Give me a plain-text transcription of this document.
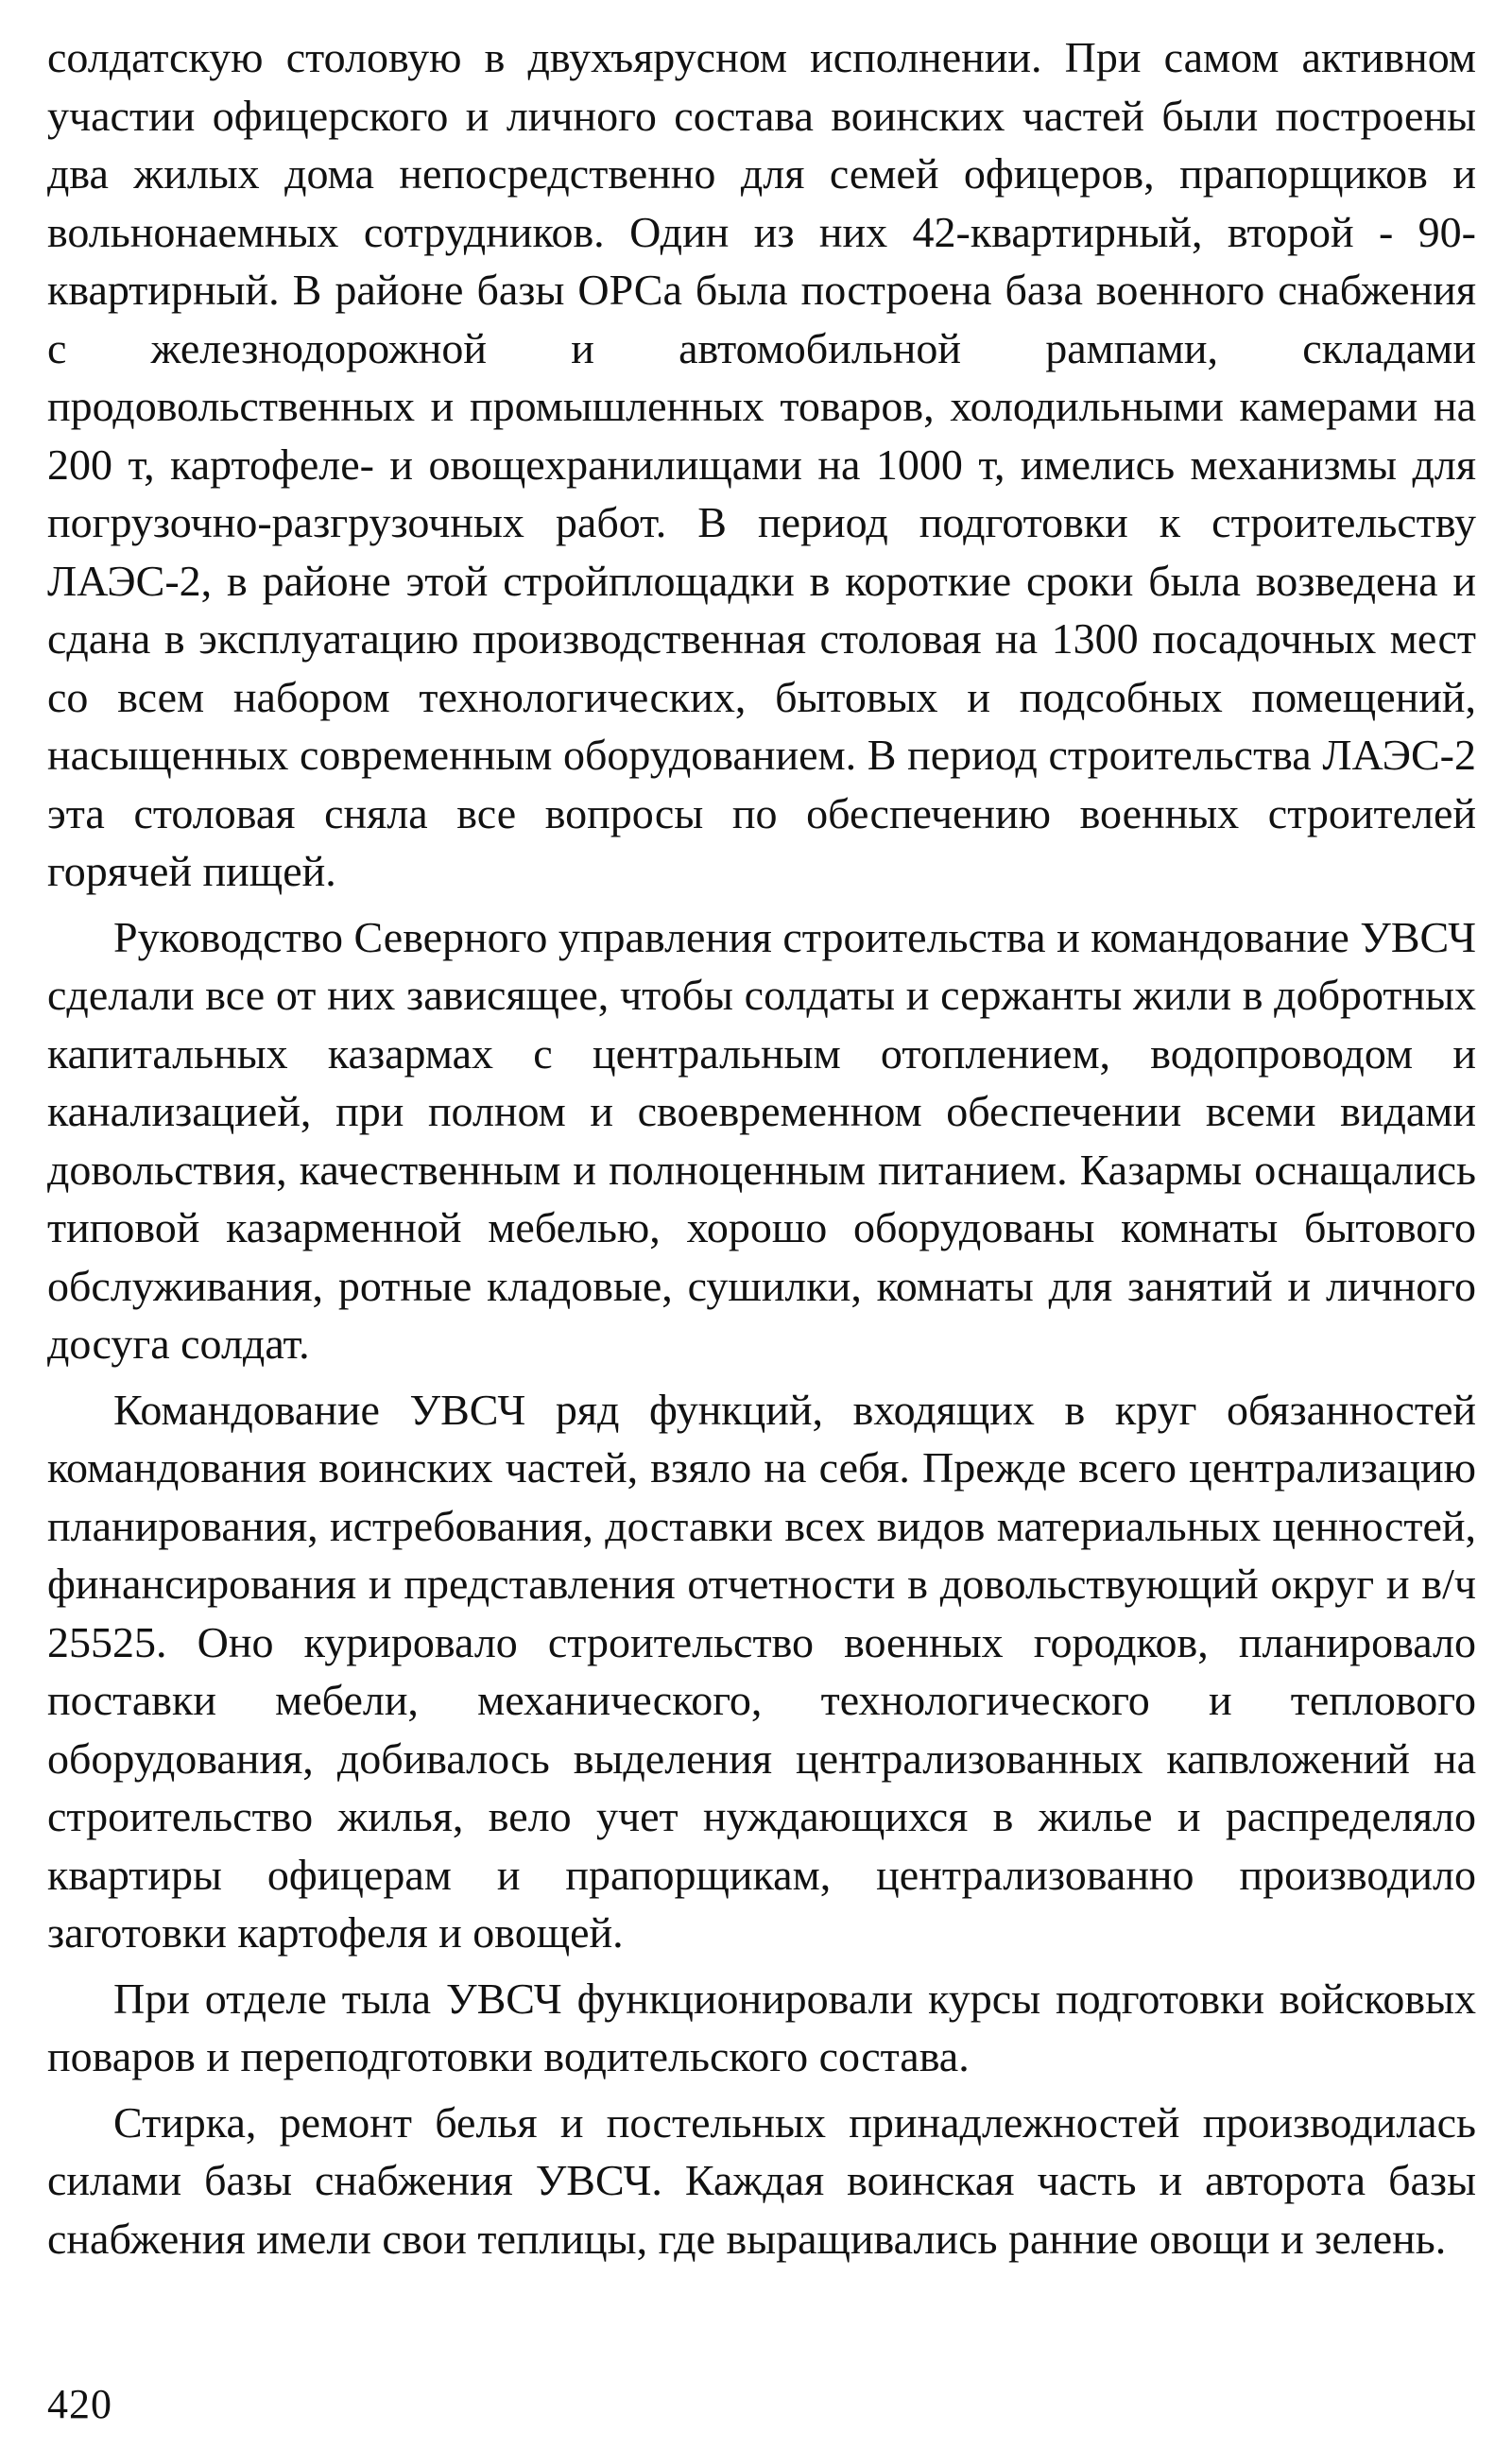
солдатскую столовую в двухъярусном исполнении. При самом активном участии офицерского и личного состава воинских частей были построены два жилых дома непосредственно для семей офицеров, прапорщиков и вольнонаемных сотрудников. Один из них 42-квартирный, второй - 90-квартирный. В районе базы ОРСа была построена база военного снабжения с железнодорожной и автомобильной рампами, складами продовольственных и промышленных товаров, холодильными камерами на 200 т, картофеле- и овощехранилищами на 1000 т, имелись механизмы для погрузочно-разгрузочных работ. В период подготовки к строительству ЛАЭС-2, в районе этой стройплощадки в короткие сроки была возведена и сдана в эксплуатацию производственная столовая на 1300 посадочных мест со всем набором технологических, бытовых и подсобных помещений, насыщенных современным оборудованием. В период строительства ЛАЭС-2 эта столовая сняла все вопросы по обеспечению военных строителей горячей пищей.

Руководство Северного управления строительства и командование УВСЧ сделали все от них зависящее, чтобы солдаты и сержанты жили в добротных капитальных казармах с центральным отоплением, водопроводом и канализацией, при полном и своевременном обеспечении всеми видами довольствия, качественным и полноценным питанием. Казармы оснащались типовой казарменной мебелью, хорошо оборудованы комнаты бытового обслуживания, ротные кладовые, сушилки, комнаты для занятий и личного досуга солдат.

Командование УВСЧ ряд функций, входящих в круг обязанностей командования воинских частей, взяло на себя. Прежде всего централизацию планирования, истребования, доставки всех видов материальных ценностей, финансирования и представления отчетности в довольствующий округ и в/ч 25525. Оно курировало строительство военных городков, планировало поставки мебели, механического, технологического и теплового оборудования, добивалось выделения централизованных капвложений на строительство жилья, вело учет нуждающихся в жилье и распределяло квартиры офицерам и прапорщикам, централизованно производило заготовки картофеля и овощей.

При отделе тыла УВСЧ функционировали курсы подготовки войсковых поваров и переподготовки водительского состава.

Стирка, ремонт белья и постельных принадлежностей производилась силами базы снабжения УВСЧ. Каждая воинская часть и авторота базы снабжения имели свои теплицы, где выращивались ранние овощи и зелень.

420
